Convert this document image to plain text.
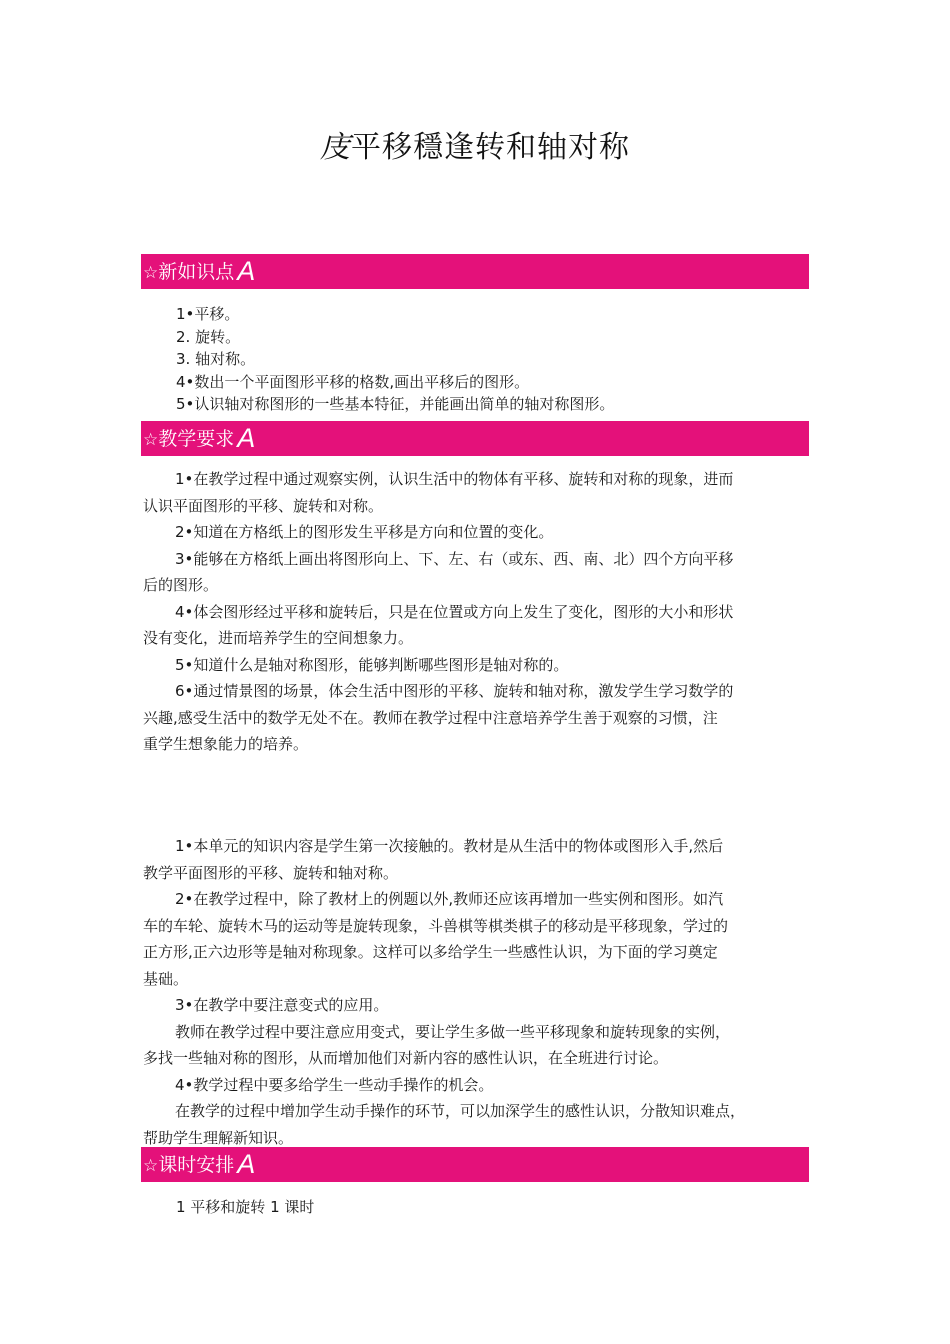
庋平移穩逢转和轴对称
☆新如识点 A
1•平移。
2. 旋转。
3. 轴对称。
4•数出一个平面图形平移的格数,画出平移后的图形。
5•认识轴对称图形的一些基本特征，并能画出简单的轴对称图形。
☆教学要求 A

1•在教学过程中通过观察实例，认识生活中的物体有平移、旋转和对称的现象，进而
认识平面图形的平移、旋转和对称。

2•知道在方格纸上的图形发生平移是方向和位置的变化。

3•能够在方格纸上画出将图形向上、下、左、右（或东、西、南、北）四个方向平移
后的图形。

4•体会图形经过平移和旋转后，只是在位置或方向上发生了变化，图形的大小和形状
没有变化，进而培养学生的空间想象力。

5•知道什么是轴对称图形，能够判断哪些图形是轴对称的。

6•通过情景图的场景，体会生活中图形的平移、旋转和轴对称，激发学生学习数学的
兴趣,感受生活中的数学无处不在。教师在教学过程中注意培养学生善于观察的习惯，注
重学生想象能力的培养。

1•本单元的知识内容是学生第一次接触的。教材是从生活中的物体或图形入手,然后
教学平面图形的平移、旋转和轴对称。

2•在教学过程中，除了教材上的例题以外,教师还应该再增加一些实例和图形。如汽
车的车轮、旋转木马的运动等是旋转现象，斗兽棋等棋类棋子的移动是平移现象，学过的
正方形,正六边形等是轴对称现象。这样可以多给学生一些感性认识，为下面的学习奠定
基础。

3•在教学中要注意变式的应用。

教师在教学过程中要注意应用变式，要让学生多做一些平移现象和旋转现象的实例，
多找一些轴对称的图形，从而增加他们对新内容的感性认识，在全班进行讨论。

4•教学过程中要多给学生一些动手操作的机会。

在教学的过程中增加学生动手操作的环节，可以加深学生的感性认识，分散知识难点，
帮助学生理解新知识。

☆课时安排 A
1 平移和旋转 1 课时
